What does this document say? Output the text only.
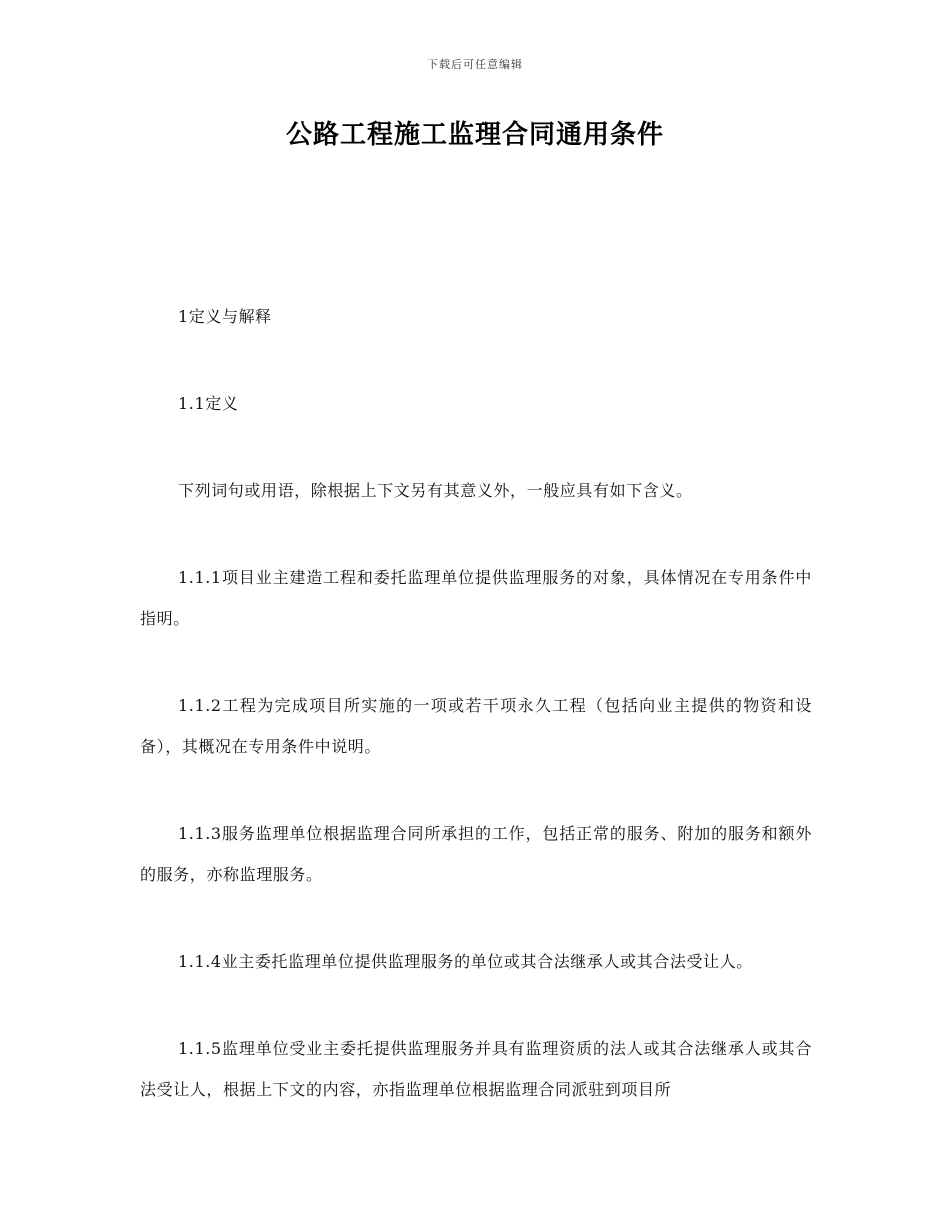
下载后可任意编辑
公路工程施工监理合同通用条件

1定义与解释

1.1定义

下列词句或用语，除根据上下文另有其意义外，一般应具有如下含义。

1.1.1项目业主建造工程和委托监理单位提供监理服务的对象，具体情况在专用条件中指明。

1.1.2工程为完成项目所实施的一项或若干项永久工程（包括向业主提供的物资和设备），其概况在专用条件中说明。

1.1.3服务监理单位根据监理合同所承担的工作，包括正常的服务、附加的服务和额外的服务，亦称监理服务。

1.1.4业主委托监理单位提供监理服务的单位或其合法继承人或其合法受让人。

1.1.5监理单位受业主委托提供监理服务并具有监理资质的法人或其合法继承人或其合法受让人，根据上下文的内容，亦指监理单位根据监理合同派驻到项目所
